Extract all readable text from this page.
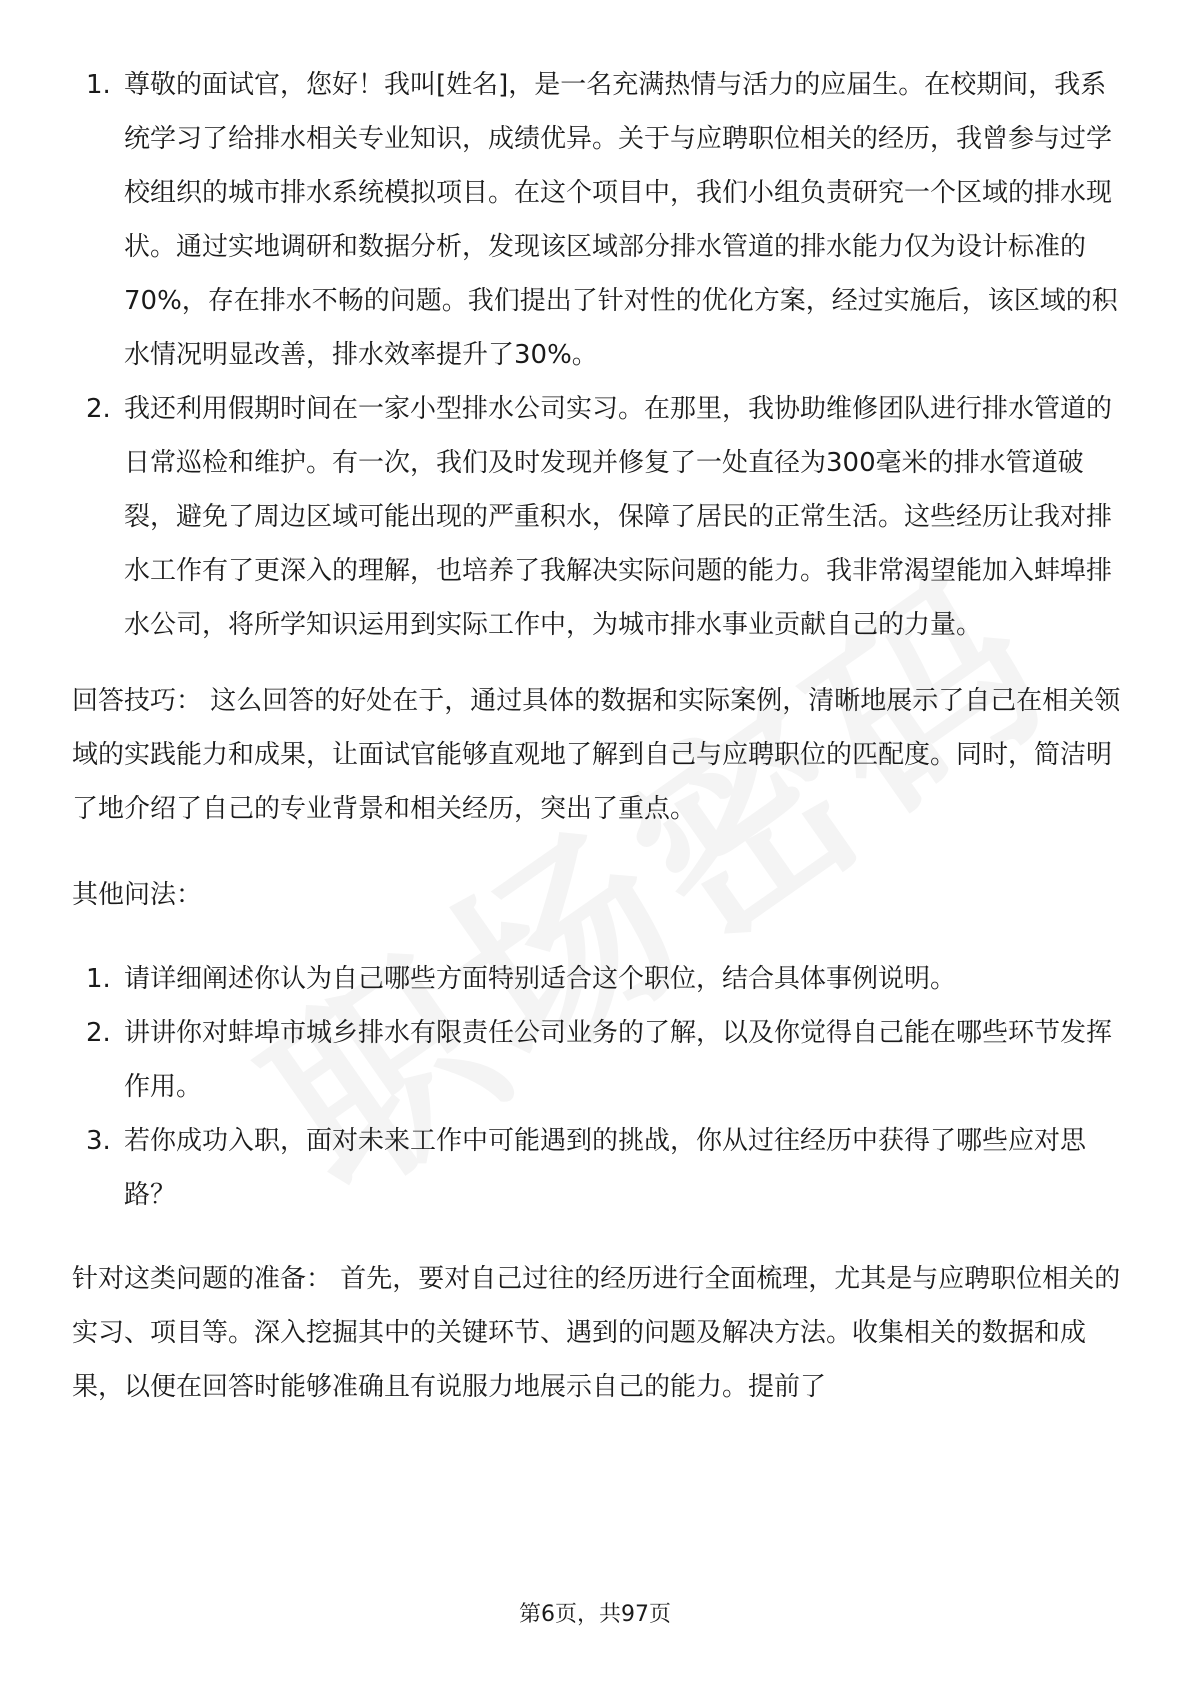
1. 尊敬的面试官，您好！我叫[姓名]，是一名充满热情与活力的应届生。在校期间，我系统学习了给排水相关专业知识，成绩优异。关于与应聘职位相关的经历，我曾参与过学校组织的城市排水系统模拟项目。在这个项目中，我们小组负责研究一个区域的排水现状。通过实地调研和数据分析，发现该区域部分排水管道的排水能力仅为设计标准的70%，存在排水不畅的问题。我们提出了针对性的优化方案，经过实施后，该区域的积水情况明显改善，排水效率提升了30%。
2. 我还利用假期时间在一家小型排水公司实习。在那里，我协助维修团队进行排水管道的日常巡检和维护。有一次，我们及时发现并修复了一处直径为300毫米的排水管道破裂，避免了周边区域可能出现的严重积水，保障了居民的正常生活。这些经历让我对排水工作有了更深入的理解，也培养了我解决实际问题的能力。我非常渴望能加入蚌埠排水公司，将所学知识运用到实际工作中，为城市排水事业贡献自己的力量。

回答技巧： 这么回答的好处在于，通过具体的数据和实际案例，清晰地展示了自己在相关领域的实践能力和成果，让面试官能够直观地了解到自己与应聘职位的匹配度。同时，简洁明了地介绍了自己的专业背景和相关经历，突出了重点。

其他问法：

1. 请详细阐述你认为自己哪些方面特别适合这个职位，结合具体事例说明。
2. 讲讲你对蚌埠市城乡排水有限责任公司业务的了解，以及你觉得自己能在哪些环节发挥作用。
3. 若你成功入职，面对未来工作中可能遇到的挑战，你从过往经历中获得了哪些应对思路？

针对这类问题的准备： 首先，要对自己过往的经历进行全面梳理，尤其是与应聘职位相关的实习、项目等。深入挖掘其中的关键环节、遇到的问题及解决方法。收集相关的数据和成果，以便在回答时能够准确且有说服力地展示自己的能力。提前了

第6页，共97页
